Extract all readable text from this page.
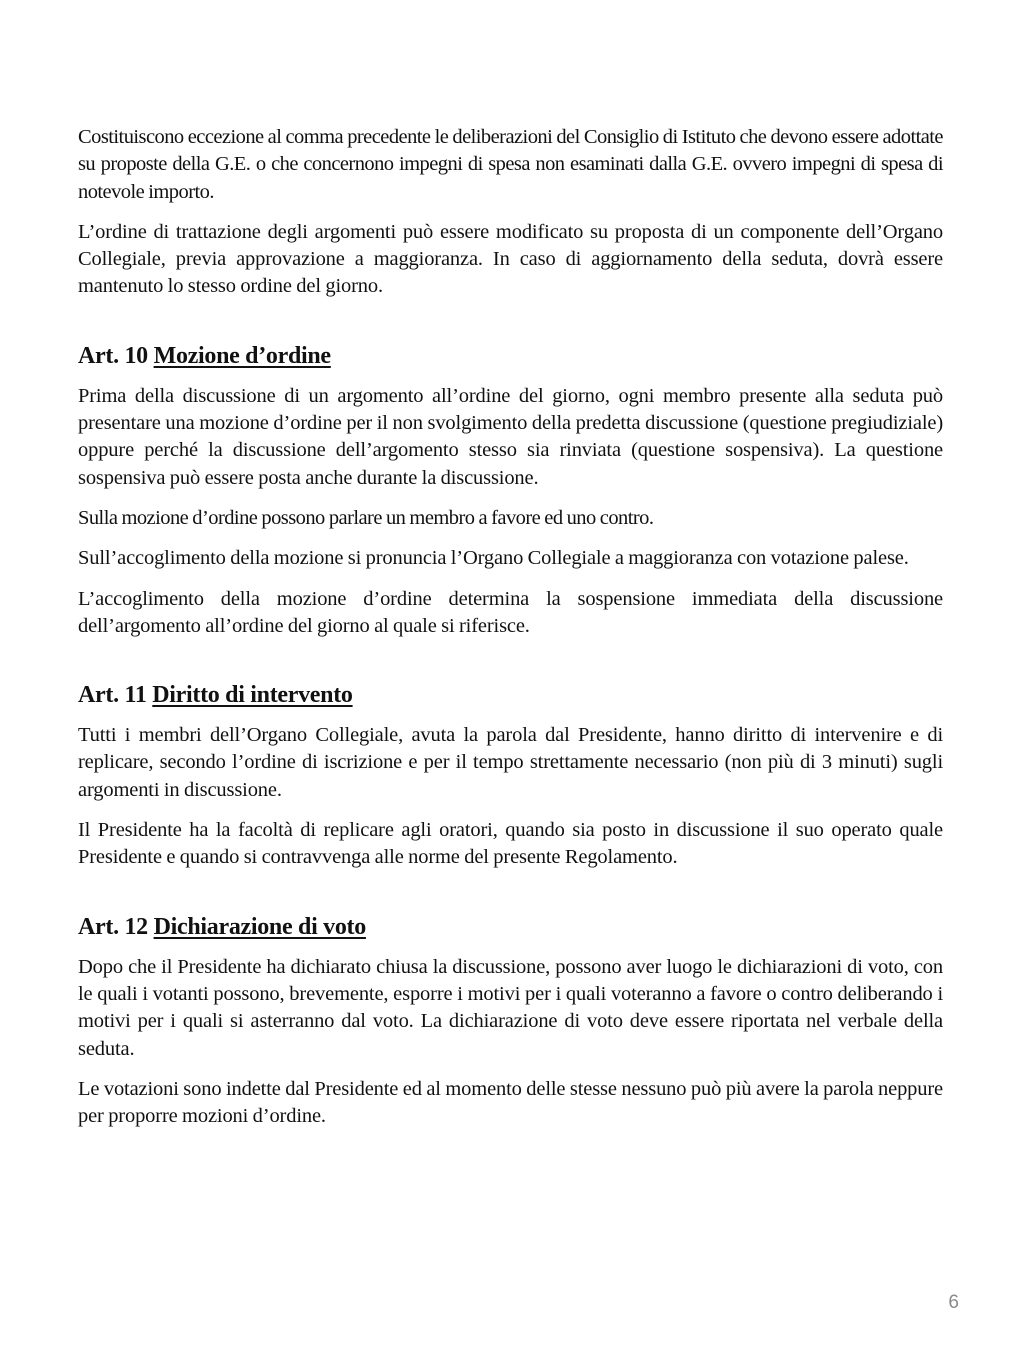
Costituiscono eccezione al comma precedente le deliberazioni del Consiglio di Istituto che devono essere adottate su proposte della G.E. o che concernono impegni di spesa non esaminati dalla G.E. ovvero impegni di spesa di notevole importo.

L’ordine di trattazione degli argomenti può essere modificato su proposta di un componente dell’Organo Collegiale, previa approvazione a maggioranza. In caso di aggiornamento della seduta, dovrà essere mantenuto lo stesso ordine del giorno.

Art. 10 Mozione d’ordine

Prima della discussione di un argomento all’ordine del giorno, ogni membro presente alla seduta può presentare una mozione d’ordine per il non svolgimento della predetta discussione (questione pregiudiziale) oppure perché la discussione dell’argomento stesso sia rinviata (questione sospensiva). La questione sospensiva può essere posta anche durante la discussione.

Sulla mozione d’ordine possono parlare un membro a favore ed uno contro.

Sull’accoglimento della mozione si pronuncia l’Organo Collegiale a maggioranza con votazione palese.

L’accoglimento della mozione d’ordine determina la sospensione immediata della discussione dell’argomento all’ordine del giorno al quale si riferisce.

Art. 11 Diritto di intervento

Tutti i membri dell’Organo Collegiale, avuta la parola dal Presidente, hanno diritto di intervenire e di replicare, secondo l’ordine di iscrizione e per il tempo strettamente necessario (non più di 3 minuti) sugli argomenti in discussione.

Il Presidente ha la facoltà di replicare agli oratori, quando sia posto in discussione il suo operato quale Presidente e quando si contravvenga alle norme del presente Regolamento.

Art. 12 Dichiarazione di voto

Dopo che il Presidente ha dichiarato chiusa la discussione, possono aver luogo le dichiarazioni di voto, con le quali i votanti possono, brevemente, esporre i motivi per i quali voteranno a favore o contro deliberando i motivi per i quali si asterranno dal voto. La dichiarazione di voto deve essere riportata nel verbale della seduta.

Le votazioni sono indette dal Presidente ed al momento delle stesse nessuno può più avere la parola neppure per proporre mozioni d’ordine.

6
